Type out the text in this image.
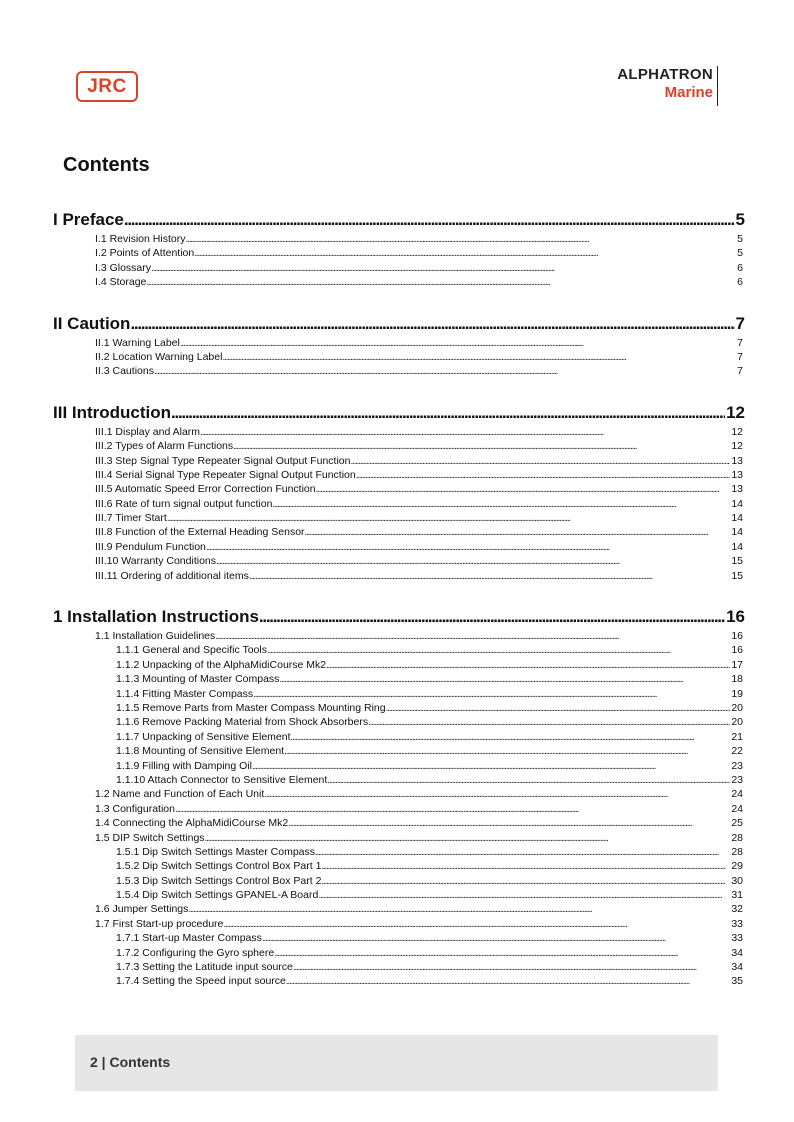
JRC
ALPHATRON
Marine
Contents
I Preface . . .	5
I.1 Revision History . . .	5
I.2 Points of Attention . . .	5
I.3 Glossary . . .	6
I.4 Storage . . .	6
II Caution . . .	7
II.1 Warning Label . . .	7
II.2 Location Warning Label . . .	7
II.3 Cautions . . .	7
III Introduction . . .	12
III.1 Display and Alarm . . .	12
III.2 Types of Alarm Functions . . .	12
III.3 Step Signal Type Repeater Signal Output Function . . .	13
III.4 Serial Signal Type Repeater Signal Output Function . . .	13
III.5 Automatic Speed Error Correction Function . . .	13
III.6 Rate of turn signal output function . . .	14
III.7 Timer Start . . .	14
III.8 Function of the External Heading Sensor . . .	14
III.9 Pendulum Function . . .	14
III.10 Warranty Conditions . . .	15
III.11 Ordering of additional items . . .	15
1 Installation Instructions . . .	16
1.1 Installation Guidelines . . .	16
1.1.1 General and Specific Tools . . .	16
1.1.2 Unpacking of the AlphaMidiCourse Mk2 . . .	17
1.1.3 Mounting of Master Compass . . .	18
1.1.4 Fitting Master Compass . . .	19
1.1.5 Remove Parts from Master Compass Mounting Ring . . .	20
1.1.6 Remove Packing Material from Shock Absorbers . . .	20
1.1.7 Unpacking of Sensitive Element . . .	21
1.1.8 Mounting of Sensitive Element . . .	22
1.1.9 Filling with Damping Oil . . .	23
1.1.10 Attach Connector to Sensitive Element . . .	23
1.2 Name and Function of Each Unit . . .	24
1.3 Configuration . . .	24
1.4 Connecting the AlphaMidiCourse Mk2 . . .	25
1.5 DIP Switch Settings . . .	28
1.5.1 Dip Switch Settings Master Compass . . .	28
1.5.2 Dip Switch Settings Control Box Part 1 . . .	29
1.5.3 Dip Switch Settings Control Box Part 2 . . .	30
1.5.4 Dip Switch Settings GPANEL-A Board . . .	31
1.6 Jumper Settings . . .	32
1.7 First Start-up procedure . . .	33
1.7.1 Start-up Master Compass . . .	33
1.7.2 Configuring the Gyro sphere . . .	34
1.7.3 Setting the Latitude input source . . .	34
1.7.4 Setting the Speed input source . . .	35
2 | Contents
